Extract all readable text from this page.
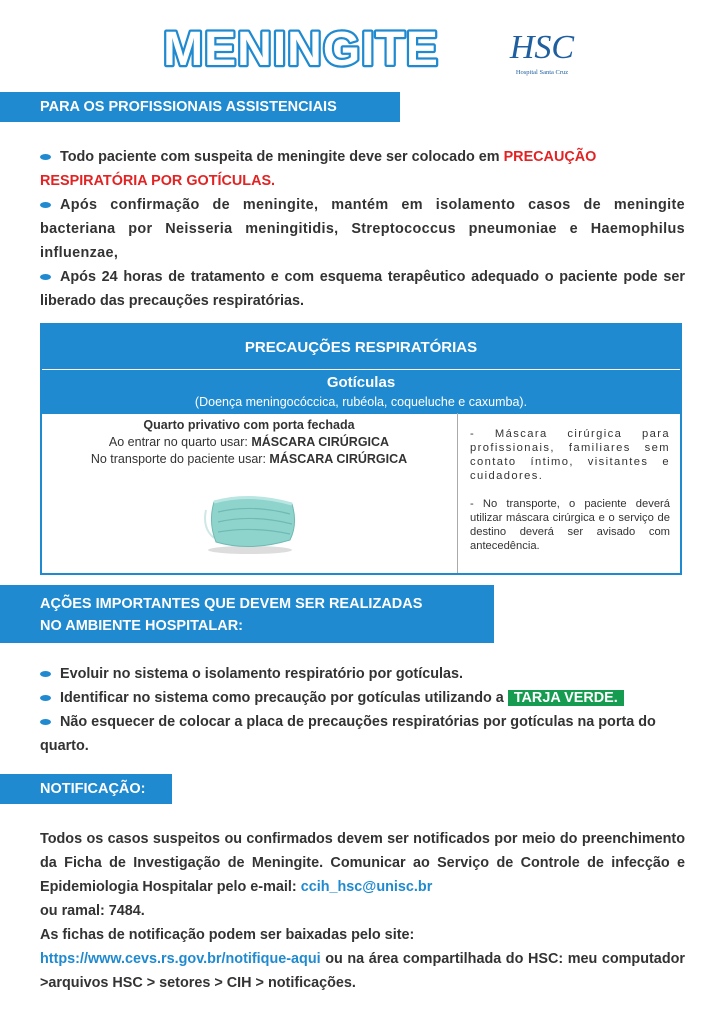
MENINGITE HSC
Hospital Santa Cruz
PARA OS PROFISSIONAIS ASSISTENCIAIS
Todo paciente com suspeita de meningite deve ser colocado em PRECAUÇÃO RESPIRATÓRIA POR GOTÍCULAS.
Após confirmação de meningite, mantém em isolamento casos de meningite bacteriana por Neisseria meningitidis, Streptococcus pneumoniae e Haemophilus influenzae,
Após 24 horas de tratamento e com esquema terapêutico adequado o paciente pode ser liberado das precauções respiratórias.
PRECAUÇÕES RESPIRATÓRIAS
Gotículas
(Doença meningocóccica, rubéola, coqueluche e caxumba).
Quarto privativo com porta fechada
Ao entrar no quarto usar: MÁSCARA CIRÚRGICA
No transporte do paciente usar: MÁSCARA CIRÚRGICA
- Máscara cirúrgica para profissionais, familiares sem contato íntimo, visitantes e cuidadores.
- No transporte, o paciente deverá utilizar máscara cirúrgica e o serviço de destino deverá ser avisado com antecedência.
AÇÕES IMPORTANTES QUE DEVEM SER REALIZADAS
NO AMBIENTE HOSPITALAR:
Evoluir no sistema o isolamento respiratório por gotículas.
Identificar no sistema como precaução por gotículas utilizando a TARJA VERDE.
Não esquecer de colocar a placa de precauções respiratórias por gotículas na porta do quarto.
NOTIFICAÇÃO:
Todos os casos suspeitos ou confirmados devem ser notificados por meio do preenchimento da Ficha de Investigação de Meningite. Comunicar ao Serviço de Controle de infecção e Epidemiologia Hospitalar pelo e-mail: ccih_hsc@unisc.br
ou ramal: 7484.
As fichas de notificação podem ser baixadas pelo site:
https://www.cevs.rs.gov.br/notifique-aqui ou na área compartilhada do HSC: meu computador >arquivos HSC > setores > CIH > notificações.
